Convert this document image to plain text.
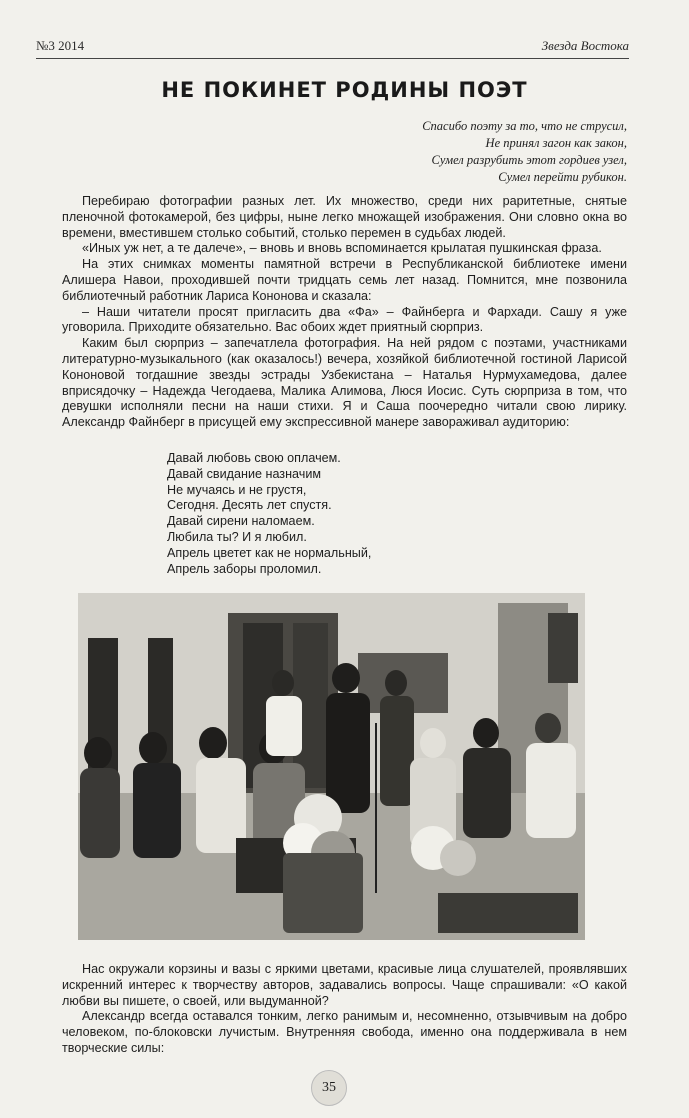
№3 2014	Звезда Востока
НЕ ПОКИНЕТ РОДИНЫ ПОЭТ
Спасибо поэту за то, что не струсил,
Не принял загон как закон,
Сумел разрубить этот гордиев узел,
Сумел перейти рубикон.

Перебираю фотографии разных лет. Их множество, среди них раритетные, снятые пленочной фотокамерой, без цифры, ныне легко множащей изображения. Они словно окна во времени, вместившем столько событий, столько перемен в судьбах людей.

«Иных уж нет, а те далече», – вновь и вновь вспоминается крылатая пушкинская фраза.

На этих снимках моменты памятной встречи в Республиканской библиотеке имени Алишера Навои, проходившей почти тридцать семь лет назад. Помнится, мне позвонила библиотечный работник Лариса Кононова и сказала:

– Наши читатели просят пригласить два «Фа» – Файнберга и Фархади. Сашу я уже уговорила. Приходите обязательно. Вас обоих ждет приятный сюрприз.

Каким был сюрприз – запечатлела фотография. На ней рядом с поэтами, участниками литературно-музыкального (как оказалось!) вечера, хозяйкой библиотечной гостиной Ларисой Кононовой тогдашние звезды эстрады Узбекистана – Наталья Нурмухамедова, далее вприсядочку – Надежда Чегодаева, Малика Алимова, Люся Иосис. Суть сюрприза в том, что девушки исполняли песни на наши стихи. Я и Саша поочередно читали свою лирику. Александр Файнберг в присущей ему экспрессивной манере завораживал аудиторию:

Давай любовь свою оплачем.
Давай свидание назначим
Не мучаясь и не грустя,
Сегодня. Десять лет спустя.
Давай сирени наломаем.
Любила ты? И я любил.
Апрель цветет как не нормальный,
Апрель заборы проломил.

Нас окружали корзины и вазы с яркими цветами, красивые лица слушателей, проявлявших искренний интерес к творчеству авторов, задавались вопросы. Чаще спрашивали: «О какой любви вы пишете, о своей, или выдуманной?

Александр всегда оставался тонким, легко ранимым и, несомненно, отзывчивым на добро человеком, по-блоковски лучистым. Внутренняя свобода, именно она поддерживала в нем творческие силы:

35
